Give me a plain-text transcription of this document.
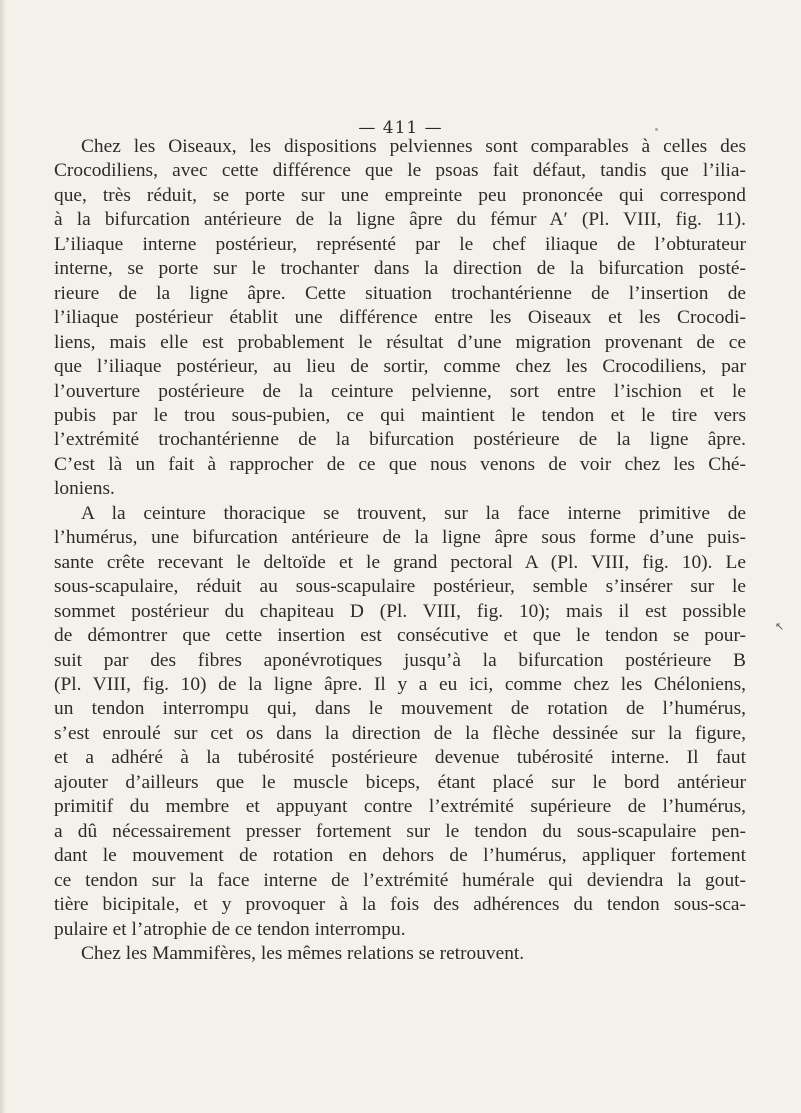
— 411 —
Chez les Oiseaux, les dispositions pelviennes sont comparables à celles des
Crocodiliens, avec cette différence que le psoas fait défaut, tandis que l’ilia-
que, très réduit, se porte sur une empreinte peu prononcée qui correspond
à la bifurcation antérieure de la ligne âpre du fémur A′ (Pl. VIII, fig. 11).
L’iliaque interne postérieur, représenté par le chef iliaque de l’obturateur
interne, se porte sur le trochanter dans la direction de la bifurcation posté-
rieure de la ligne âpre. Cette situation trochantérienne de l’insertion de
l’iliaque postérieur établit une différence entre les Oiseaux et les Crocodi-
liens, mais elle est probablement le résultat d’une migration provenant de ce
que l’iliaque postérieur, au lieu de sortir, comme chez les Crocodiliens, par
l’ouverture postérieure de la ceinture pelvienne, sort entre l’ischion et le
pubis par le trou sous-pubien, ce qui maintient le tendon et le tire vers
l’extrémité trochantérienne de la bifurcation postérieure de la ligne âpre.
C’est là un fait à rapprocher de ce que nous venons de voir chez les Ché-
loniens.
A la ceinture thoracique se trouvent, sur la face interne primitive de
l’humérus, une bifurcation antérieure de la ligne âpre sous forme d’une puis-
sante crête recevant le deltoïde et le grand pectoral A (Pl. VIII, fig. 10). Le
sous-scapulaire, réduit au sous-scapulaire postérieur, semble s’insérer sur le
sommet postérieur du chapiteau D (Pl. VIII, fig. 10); mais il est possible
de démontrer que cette insertion est consécutive et que le tendon se pour-
suit par des fibres aponévrotiques jusqu’à la bifurcation postérieure B
(Pl. VIII, fig. 10) de la ligne âpre. Il y a eu ici, comme chez les Chéloniens,
un tendon interrompu qui, dans le mouvement de rotation de l’humérus,
s’est enroulé sur cet os dans la direction de la flèche dessinée sur la figure,
et a adhéré à la tubérosité postérieure devenue tubérosité interne. Il faut
ajouter d’ailleurs que le muscle biceps, étant placé sur le bord antérieur
primitif du membre et appuyant contre l’extrémité supérieure de l’humérus,
a dû nécessairement presser fortement sur le tendon du sous-scapulaire pen-
dant le mouvement de rotation en dehors de l’humérus, appliquer fortement
ce tendon sur la face interne de l’extrémité humérale qui deviendra la gout-
tière bicipitale, et y provoquer à la fois des adhérences du tendon sous-sca-
pulaire et l’atrophie de ce tendon interrompu.
Chez les Mammifères, les mêmes relations se retrouvent.
↖
